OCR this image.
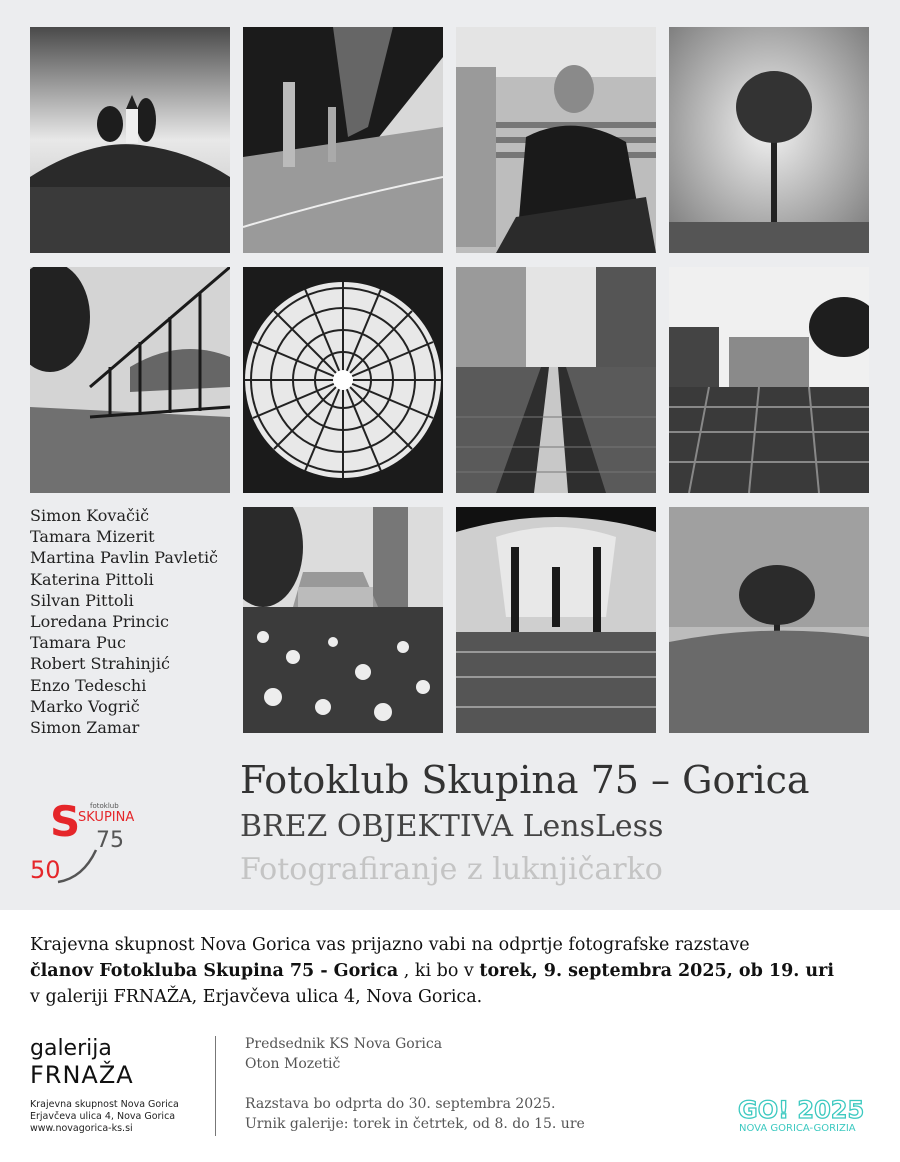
Simon Kovačič
Tamara Mizerit
Martina Pavlin Pavletič
Katerina Pittoli
Silvan Pittoli
Loredana Princic
Tamara Puc
Robert Strahinjić
Enzo Tedeschi
Marko Vogrič
Simon Zamar
S fotoklub
SKUPINA
75
50
Fotoklub Skupina 75 – Gorica
BREZ OBJEKTIVA LensLess
Fotografiranje z luknjičarko

Krajevna skupnost Nova Gorica vas prijazno vabi na odprtje fotografske razstave

članov Fotokluba Skupina 75 - Gorica , ki bo v torek, 9. septembra 2025, ob 19. uri

v galeriji FRNAŽA, Erjavčeva ulica 4, Nova Gorica.

galerija
FRNAŽA
Krajevna skupnost Nova Gorica
Erjavčeva ulica 4, Nova Gorica
www.novagorica-ks.si

Predsednik KS Nova Gorica

Oton Mozetič

Razstava bo odprta do 30. septembra 2025.

Urnik galerije: torek in četrtek, od 8. do 15. ure	GO! 2025
NOVA GORICA-GORIZIA
